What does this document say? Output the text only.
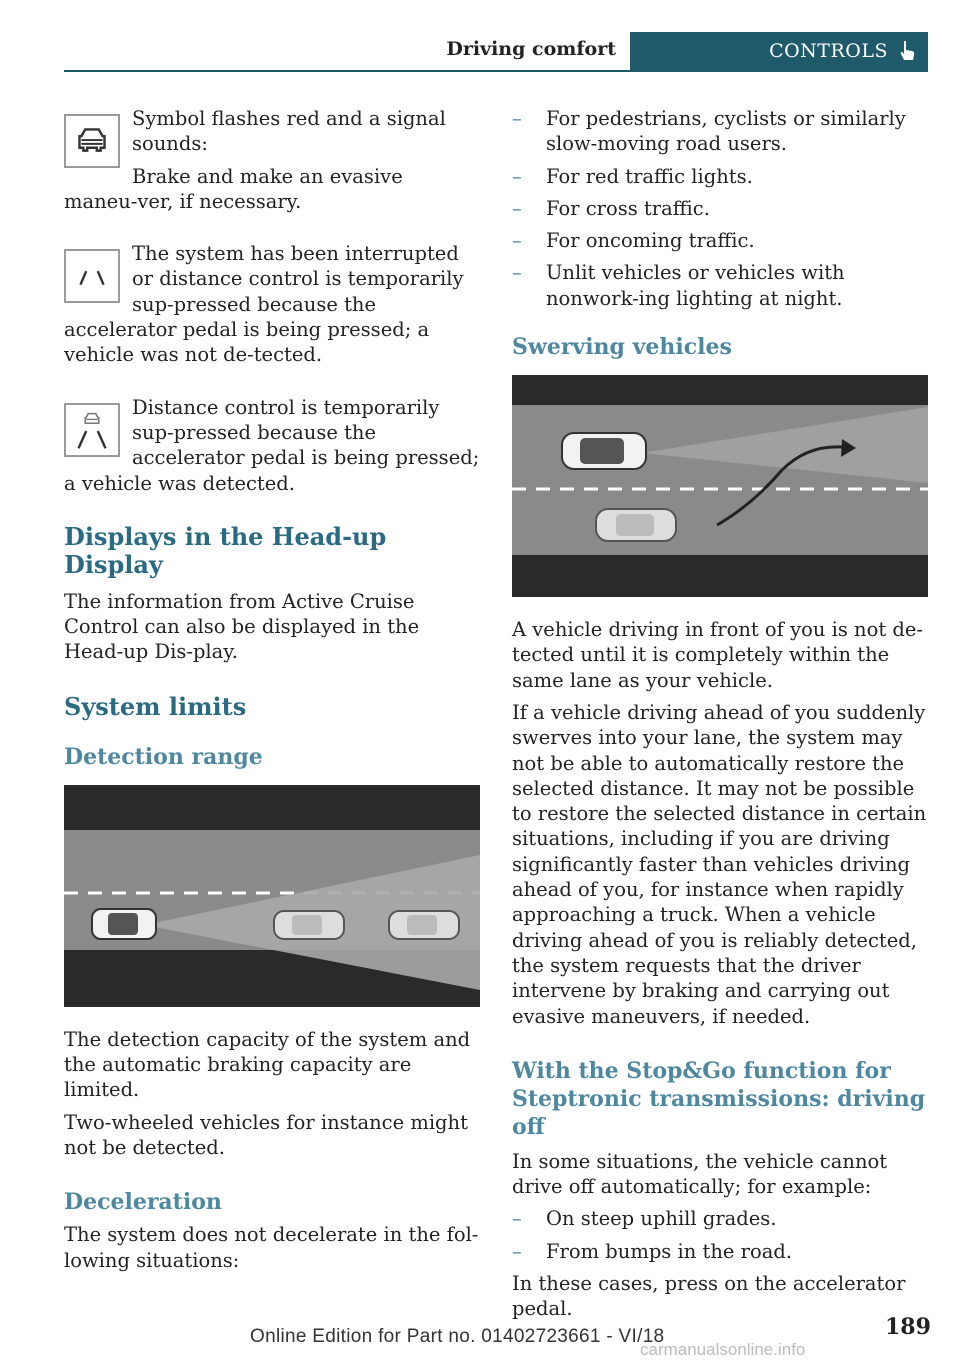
Driving comfort	CONTROLS

Symbol flashes red and a signal sounds:

Brake and make an evasive maneu-ver, if necessary.

The system has been interrupted or distance control is temporarily sup-pressed because the accelerator pedal is being pressed; a vehicle was not de-tected.

Distance control is temporarily sup-pressed because the accelerator pedal is being pressed; a vehicle was detected.

Displays in the Head-up Display

The information from Active Cruise Control can also be displayed in the Head-up Dis-play.

System limits
Detection range

The detection capacity of the system and the automatic braking capacity are limited.

Two-wheeled vehicles for instance might not be detected.

Deceleration

The system does not decelerate in the fol-lowing situations:

– For pedestrians, cyclists or similarly slow-moving road users.
– For red traffic lights.
– For cross traffic.
– For oncoming traffic.
– Unlit vehicles or vehicles with nonwork-ing lighting at night.
Swerving vehicles

A vehicle driving in front of you is not de-tected until it is completely within the same lane as your vehicle.

If a vehicle driving ahead of you suddenly swerves into your lane, the system may not be able to automatically restore the selected distance. It may not be possible to restore the selected distance in certain situations, including if you are driving significantly faster than vehicles driving ahead of you, for instance when rapidly approaching a truck. When a vehicle driving ahead of you is reliably detected, the system requests that the driver intervene by braking and carrying out evasive maneuvers, if needed.

With the Stop&Go function for Steptronic transmissions: driving off

In some situations, the vehicle cannot drive off automatically; for example:

– On steep uphill grades.
– From bumps in the road.

In these cases, press on the accelerator pedal.

189
Online Edition for Part no. 01402723661 - VI/18
carmanualsonline.info
